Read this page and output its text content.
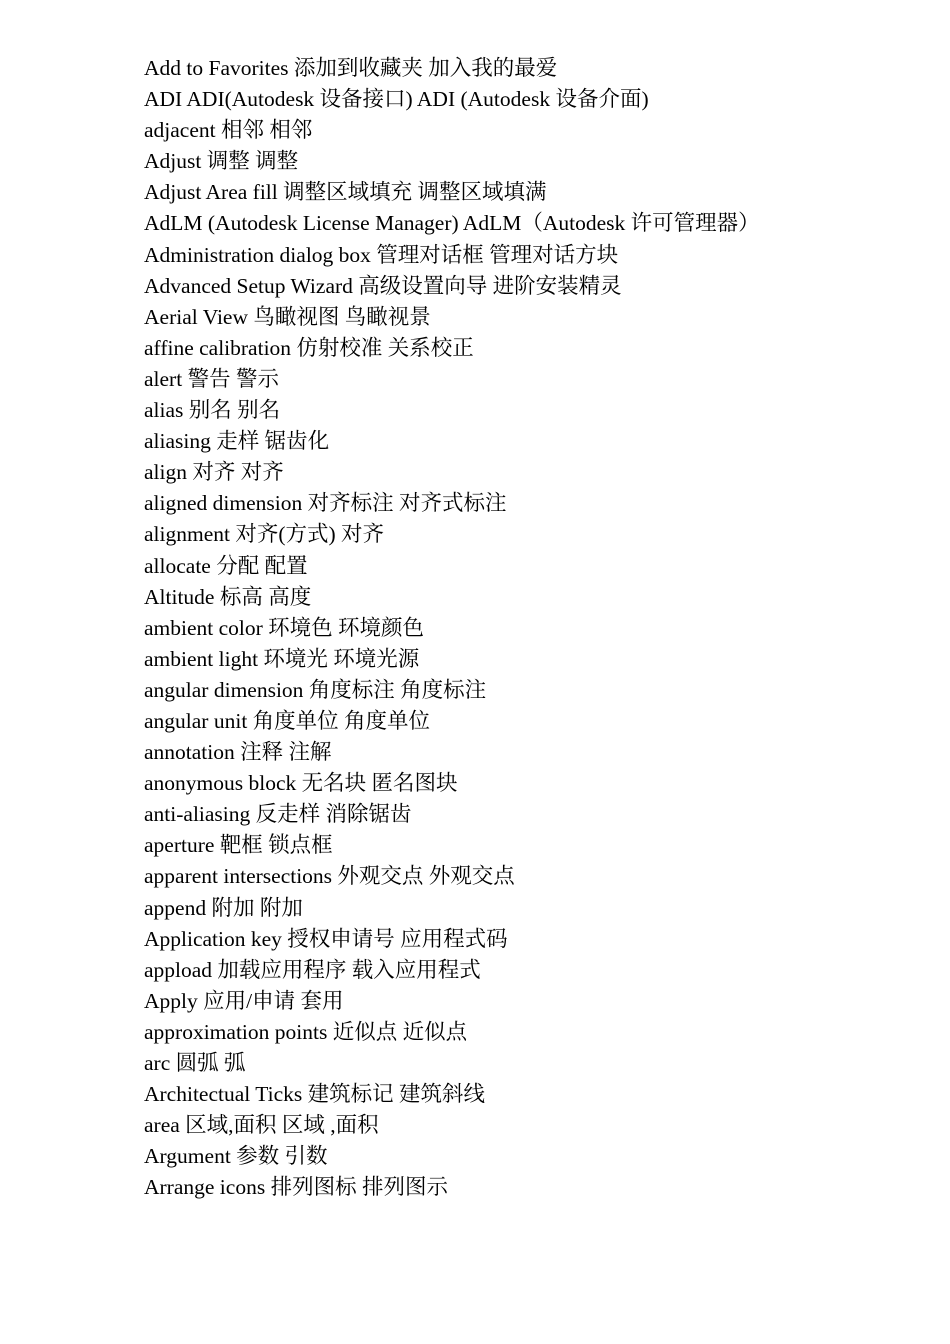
Add to Favorites 添加到收藏夹 加入我的最爱
ADI ADI(Autodesk 设备接口) ADI (Autodesk 设备介面)
adjacent 相邻 相邻
Adjust 调整 调整
Adjust Area fill 调整区域填充 调整区域填满
AdLM (Autodesk License Manager) AdLM（Autodesk 许可管理器）
Administration dialog box 管理对话框 管理对话方块
Advanced Setup Wizard 高级设置向导 进阶安装精灵
Aerial View 鸟瞰视图 鸟瞰视景
affine calibration 仿射校准 关系校正
alert 警告 警示
alias 别名 别名
aliasing 走样 锯齿化
align 对齐 对齐
aligned dimension 对齐标注 对齐式标注
alignment 对齐(方式) 对齐
allocate 分配 配置
Altitude 标高 高度
ambient color 环境色 环境颜色
ambient light 环境光 环境光源
angular dimension 角度标注 角度标注
angular unit 角度单位 角度单位
annotation 注释 注解
anonymous block 无名块 匿名图块
anti-aliasing 反走样 消除锯齿
aperture 靶框 锁点框
apparent intersections 外观交点 外观交点
append 附加 附加
Application key 授权申请号 应用程式码
appload 加载应用程序 载入应用程式
Apply 应用/申请 套用
approximation points 近似点 近似点
arc 圆弧 弧
Architectual Ticks 建筑标记 建筑斜线
area 区域,面积 区域 ,面积
Argument 参数 引数
Arrange icons 排列图标 排列图示
